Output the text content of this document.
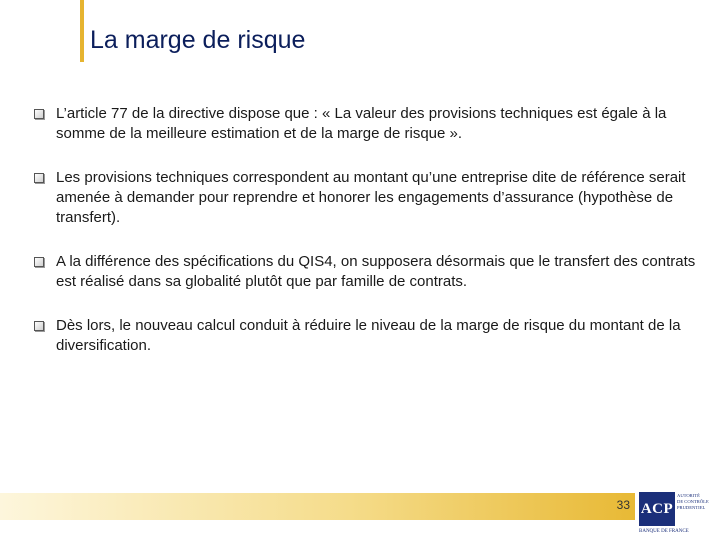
La marge de risque
L’article 77 de la directive dispose que : « La valeur des provisions techniques est égale à la somme de la meilleure estimation et de la marge de risque ».
Les provisions techniques correspondent au montant qu’une entreprise dite de référence serait amenée à demander pour reprendre et honorer les engagements d’assurance (hypothèse de transfert).
A la différence des spécifications du QIS4, on supposera désormais que le transfert des contrats est réalisé dans sa globalité plutôt que par famille de contrats.
Dès lors, le nouveau calcul conduit à réduire le niveau de la marge de risque du montant de la diversification.
33 ACP
AUTORITÉ
DE CONTRÔLE
PRUDENTIEL
BANQUE DE FRANCE
